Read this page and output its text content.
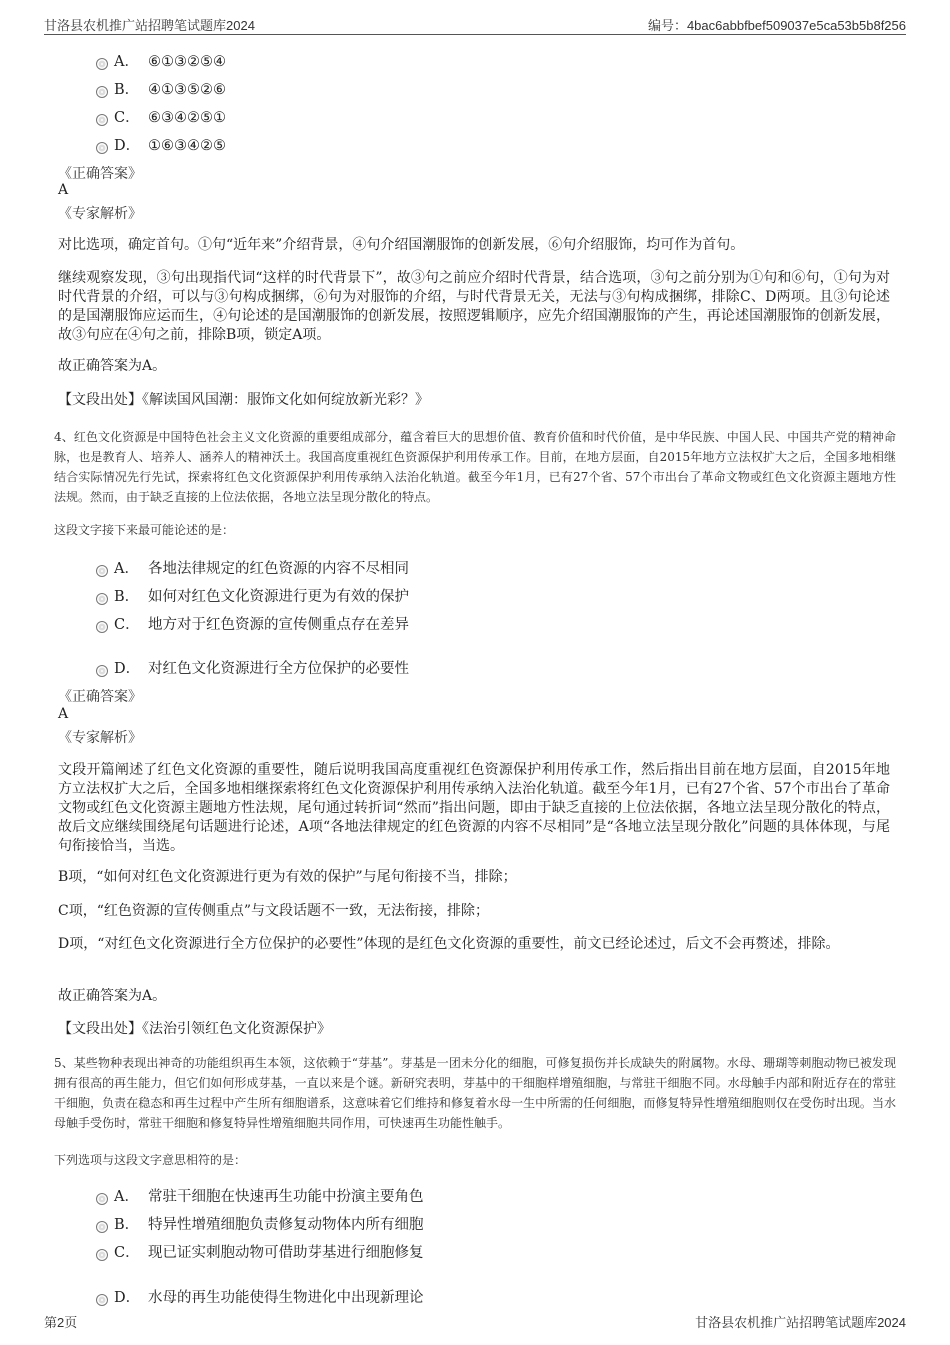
甘洛县农机推广站招聘笔试题库2024	编号：4bac6abbfbef509037e5ca53b5b8f256
A． ⑥①③②⑤④
B． ④①③⑤②⑥
C． ⑥③④②⑤①
D． ①⑥③④②⑤
《正确答案》
A
《专家解析》
对比选项，确定首句。①句“近年来”介绍背景，④句介绍国潮服饰的创新发展，⑥句介绍服饰，均可作为首句。
继续观察发现，③句出现指代词“这样的时代背景下”，故③句之前应介绍时代背景，结合选项，③句之前分别为①句和⑥句，①句为对时代背景的介绍，可以与③句构成捆绑，⑥句为对服饰的介绍，与时代背景无关，无法与③句构成捆绑，排除C、D两项。且③句论述的是国潮服饰应运而生，④句论述的是国潮服饰的创新发展，按照逻辑顺序，应先介绍国潮服饰的产生，再论述国潮服饰的创新发展，故③句应在④句之前，排除B项，锁定A项。
故正确答案为A。
【文段出处】《解读国风国潮：服饰文化如何绽放新光彩？》
4、红色文化资源是中国特色社会主义文化资源的重要组成部分，蕴含着巨大的思想价值、教育价值和时代价值，是中华民族、中国人民、中国共产党的精神命脉，也是教育人、培养人、涵养人的精神沃土。我国高度重视红色资源保护利用传承工作。目前，在地方层面，自2015年地方立法权扩大之后，全国多地相继结合实际情况先行先试，探索将红色文化资源保护利用传承纳入法治化轨道。截至今年1月，已有27个省、57个市出台了革命文物或红色文化资源主题地方性法规。然而，由于缺乏直接的上位法依据，各地立法呈现分散化的特点。
这段文字接下来最可能论述的是：
A． 各地法律规定的红色资源的内容不尽相同
B． 如何对红色文化资源进行更为有效的保护
C． 地方对于红色资源的宣传侧重点存在差异
D． 对红色文化资源进行全方位保护的必要性
《正确答案》
A
《专家解析》
文段开篇阐述了红色文化资源的重要性，随后说明我国高度重视红色资源保护利用传承工作，然后指出目前在地方层面，自2015年地方立法权扩大之后，全国多地相继探索将红色文化资源保护利用传承纳入法治化轨道。截至今年1月，已有27个省、57个市出台了革命文物或红色文化资源主题地方性法规，尾句通过转折词“然而”指出问题，即由于缺乏直接的上位法依据，各地立法呈现分散化的特点，故后文应继续围绕尾句话题进行论述，A项“各地法律规定的红色资源的内容不尽相同”是“各地立法呈现分散化”问题的具体体现，与尾句衔接恰当，当选。
B项，“如何对红色文化资源进行更为有效的保护”与尾句衔接不当，排除；
C项，“红色资源的宣传侧重点”与文段话题不一致，无法衔接，排除；
D项，“对红色文化资源进行全方位保护的必要性”体现的是红色文化资源的重要性，前文已经论述过，后文不会再赘述，排除。
故正确答案为A。
【文段出处】《法治引领红色文化资源保护》
5、某些物种表现出神奇的功能组织再生本领，这依赖于“芽基”。芽基是一团未分化的细胞，可修复损伤并长成缺失的附属物。水母、珊瑚等刺胞动物已被发现拥有很高的再生能力，但它们如何形成芽基，一直以来是个谜。新研究表明，芽基中的干细胞样增殖细胞，与常驻干细胞不同。水母触手内部和附近存在的常驻干细胞，负责在稳态和再生过程中产生所有细胞谱系，这意味着它们维持和修复着水母一生中所需的任何细胞，而修复特异性增殖细胞则仅在受伤时出现。当水母触手受伤时，常驻干细胞和修复特异性增殖细胞共同作用，可快速再生功能性触手。
下列选项与这段文字意思相符的是：
A． 常驻干细胞在快速再生功能中扮演主要角色
B． 特异性增殖细胞负责修复动物体内所有细胞
C． 现已证实刺胞动物可借助芽基进行细胞修复
D． 水母的再生功能使得生物进化中出现新理论
第2页	甘洛县农机推广站招聘笔试题库2024
